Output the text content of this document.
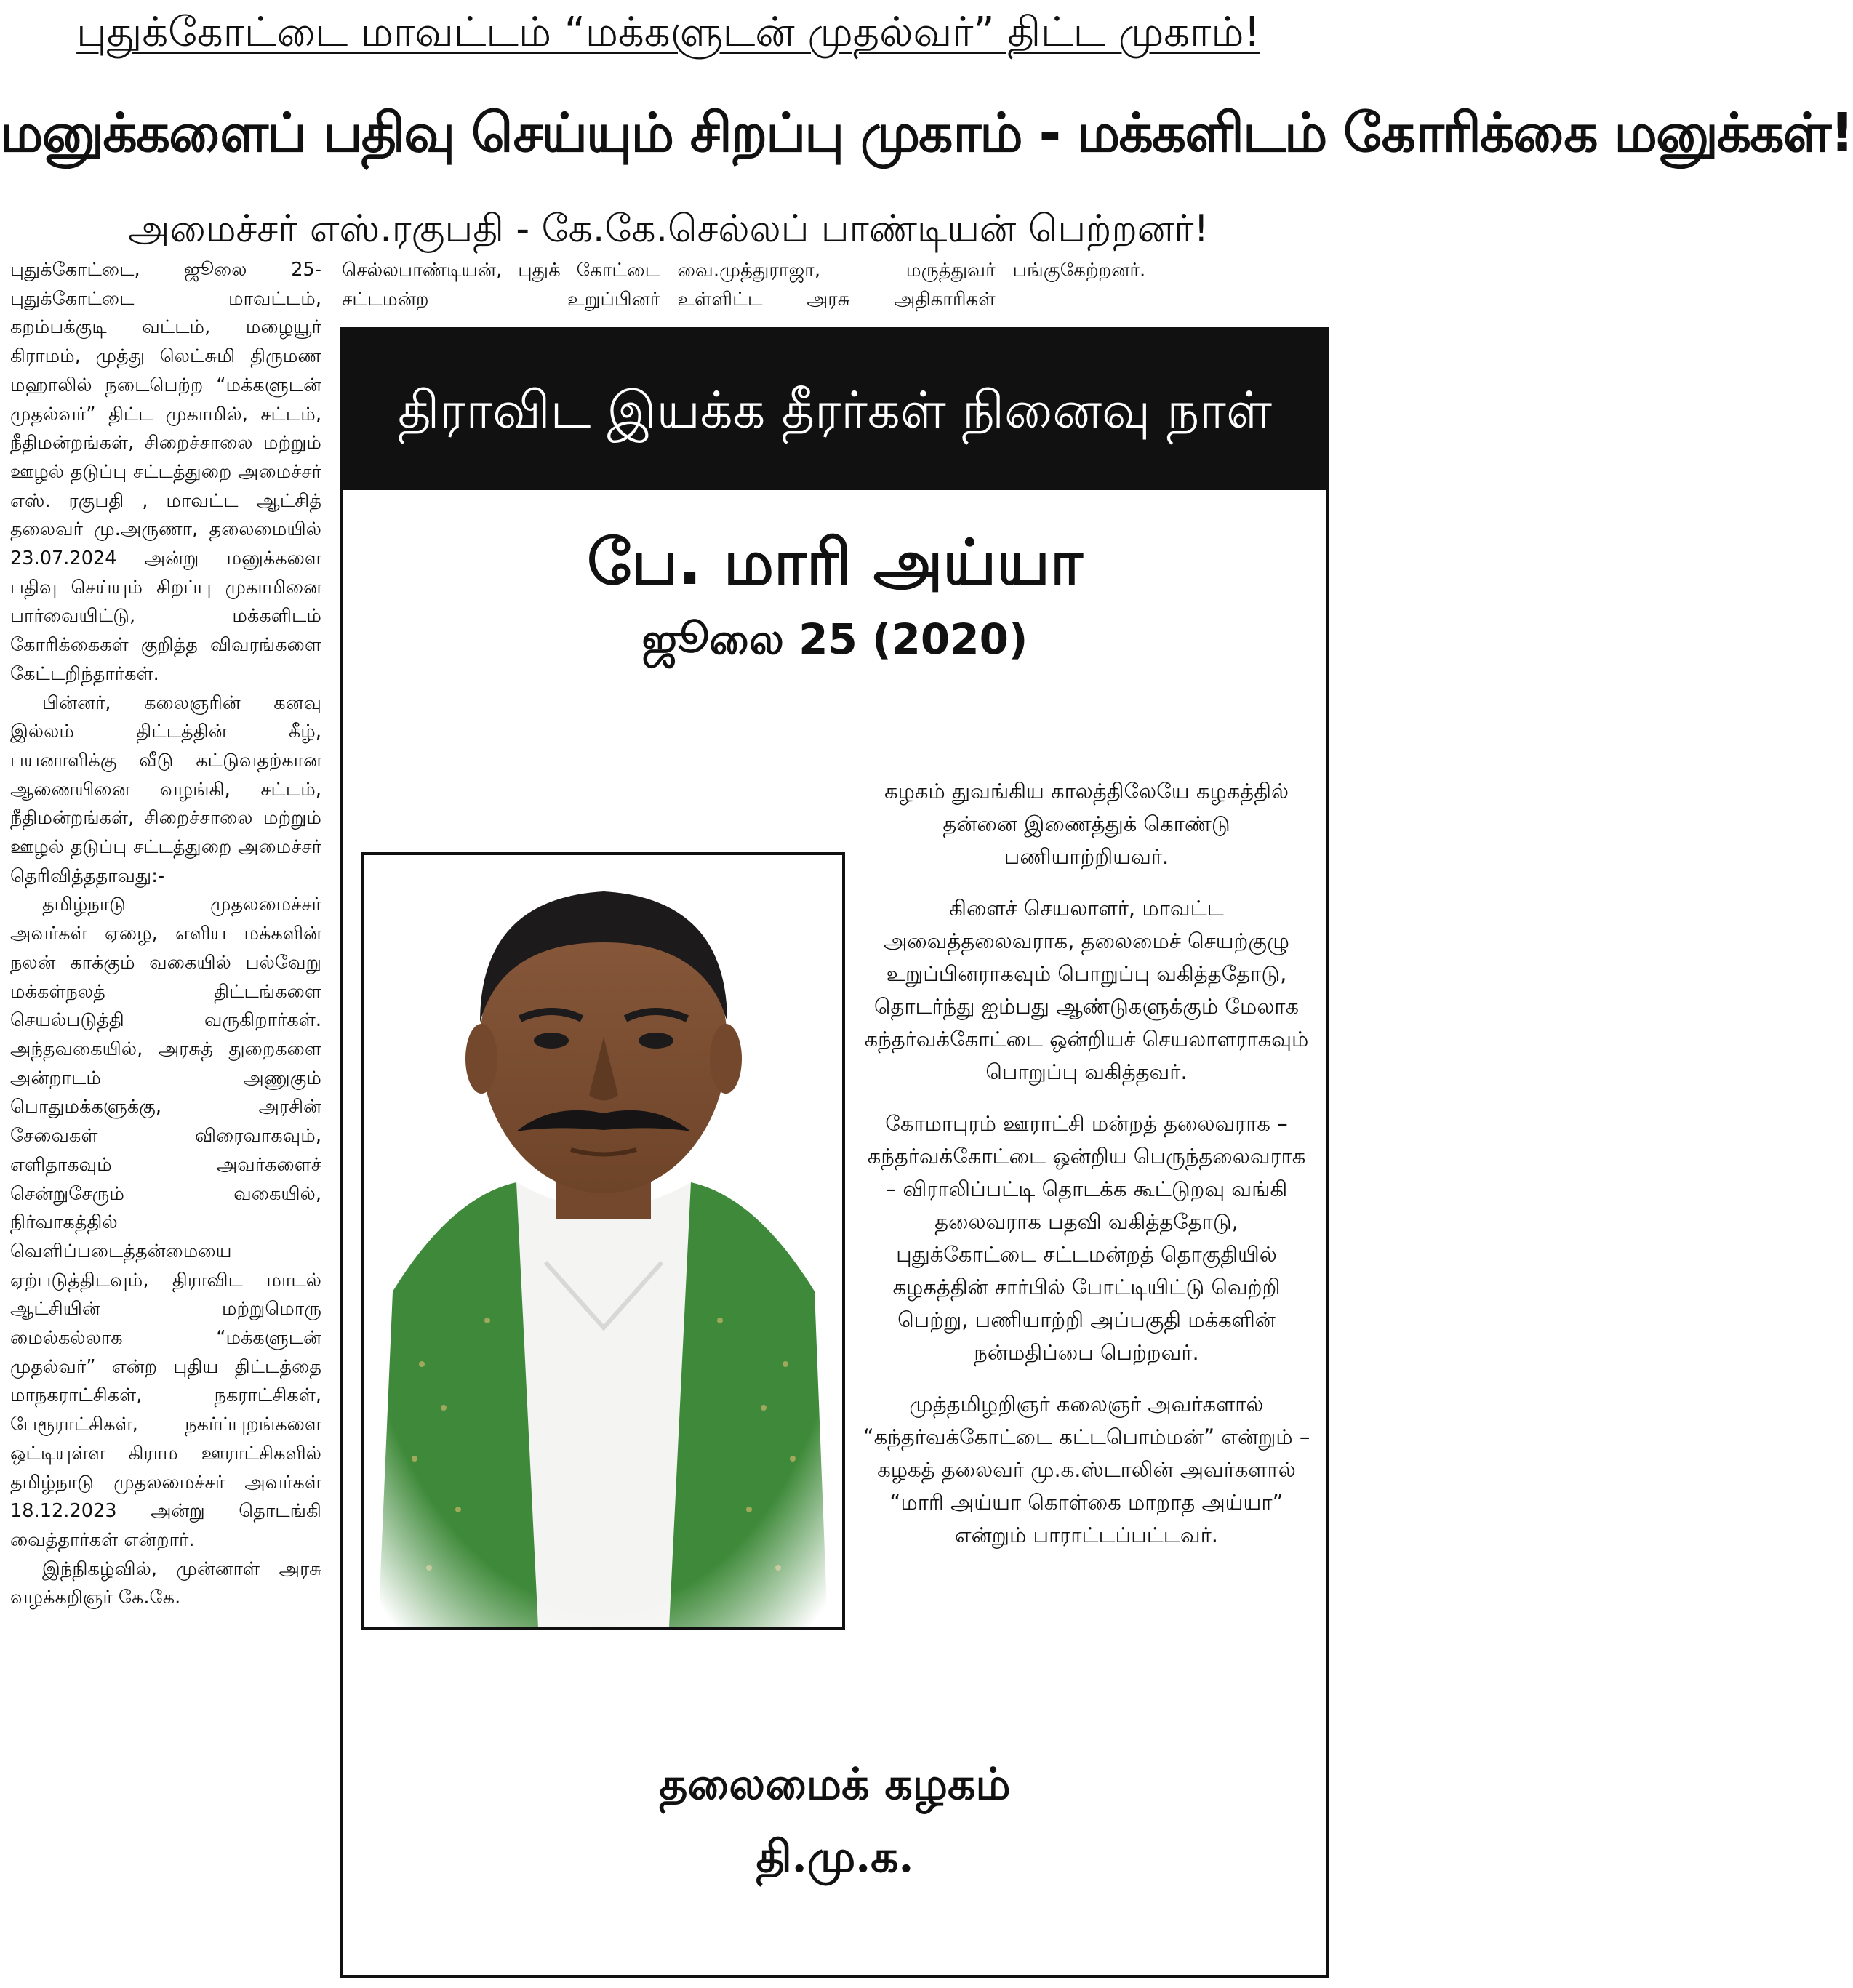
புதுக்கோட்டை மாவட்டம் “மக்களுடன் முதல்வர்” திட்ட முகாம்!
மனுக்களைப் பதிவு செய்யும் சிறப்பு முகாம் - மக்களிடம் கோரிக்கை மனுக்கள்!
அமைச்சர் எஸ்.ரகுபதி - கே.கே.செல்லப் பாண்டியன் பெற்றனர்!

புதுக்கோட்டை, ஜூலை 25- புதுக்கோட்டை மாவட்டம், கறம்பக்குடி வட்டம், மழையூர் கிராமம், முத்து லெட்சுமி திருமண மஹாலில் நடைபெற்ற “மக்களுடன் முதல்வர்” திட்ட முகாமில், சட்டம், நீதிமன்றங்கள், சிறைச்சாலை மற்றும் ஊழல் தடுப்பு சட்டத்துறை அமைச்சர் எஸ். ரகுபதி , மாவட்ட ஆட்சித் தலைவர் மு.அருணா, தலைமையில் 23.07.2024 அன்று மனுக்களை பதிவு செய்யும் சிறப்பு முகாமினை பார்வையிட்டு, மக்களிடம் கோரிக்கைகள் குறித்த விவரங்களை கேட்டறிந்தார்கள்.

பின்னர், கலைஞரின் கனவு இல்லம் திட்டத்தின் கீழ், பயனாளிக்கு வீடு கட்டுவதற்கான ஆணையினை வழங்கி, சட்டம், நீதிமன்றங்கள், சிறைச்சாலை மற்றும் ஊழல் தடுப்பு சட்டத்துறை அமைச்சர் தெரிவித்ததாவது:-

தமிழ்நாடு முதலமைச்சர் அவர்கள் ஏழை, எளிய மக்களின் நலன் காக்கும் வகையில் பல்வேறு மக்கள்நலத் திட்டங்களை செயல்படுத்தி வருகிறார்கள். அந்தவகையில், அரசுத் துறைகளை அன்றாடம் அணுகும் பொதுமக்களுக்கு, அரசின் சேவைகள் விரைவாகவும், எளிதாகவும் அவர்களைச் சென்றுசேரும் வகையில், நிர்வாகத்தில் வெளிப்படைத்தன்மையை ஏற்படுத்திடவும், திராவிட மாடல் ஆட்சியின் மற்றுமொரு மைல்கல்லாக “மக்களுடன் முதல்வர்” என்ற புதிய திட்டத்தை மாநகராட்சிகள், நகராட்சிகள், பேரூராட்சிகள், நகர்ப்புறங்களை ஒட்டியுள்ள கிராம ஊராட்சிகளில் தமிழ்நாடு முதலமைச்சர் அவர்கள் 18.12.2023 அன்று தொடங்கி வைத்தார்கள் என்றார்.

இந்நிகழ்வில், முன்னாள் அரசு வழக்கறிஞர் கே.கே.

செல்லபாண்டியன், புதுக் கோட்டை சட்டமன்ற உறுப்பினர் வை.முத்துராஜா, மருத்துவர் உள்ளிட்ட அரசு அதிகாரிகள் பங்குகேற்றனர்.
திராவிட இயக்க தீரர்கள் நினைவு நாள்
பே. மாரி அய்யா
ஜூலை 25 (2020)

கழகம் துவங்கிய காலத்திலேயே கழகத்தில் தன்னை இணைத்துக் கொண்டு பணியாற்றியவர்.

கிளைச் செயலாளர், மாவட்ட அவைத்தலைவராக, தலைமைச் செயற்குழு உறுப்பினராகவும் பொறுப்பு வகித்ததோடு, தொடர்ந்து ஐம்பது ஆண்டுகளுக்கும் மேலாக கந்தர்வக்கோட்டை ஒன்றியச் செயலாளராகவும் பொறுப்பு வகித்தவர்.

கோமாபுரம் ஊராட்சி மன்றத் தலைவராக – கந்தர்வக்கோட்டை ஒன்றிய பெருந்தலைவராக – விராலிப்பட்டி தொடக்க கூட்டுறவு வங்கி தலைவராக பதவி வகித்ததோடு, புதுக்கோட்டை சட்டமன்றத் தொகுதியில் கழகத்தின் சார்பில் போட்டியிட்டு வெற்றி பெற்று, பணியாற்றி அப்பகுதி மக்களின் நன்மதிப்பை பெற்றவர்.

முத்தமிழறிஞர் கலைஞர் அவர்களால் “கந்தர்வக்கோட்டை கட்டபொம்மன்” என்றும் – கழகத் தலைவர் மு.க.ஸ்டாலின் அவர்களால் “மாரி அய்யா கொள்கை மாறாத அய்யா” என்றும் பாராட்டப்பட்டவர்.

தலைமைக் கழகம்
தி.மு.க.
